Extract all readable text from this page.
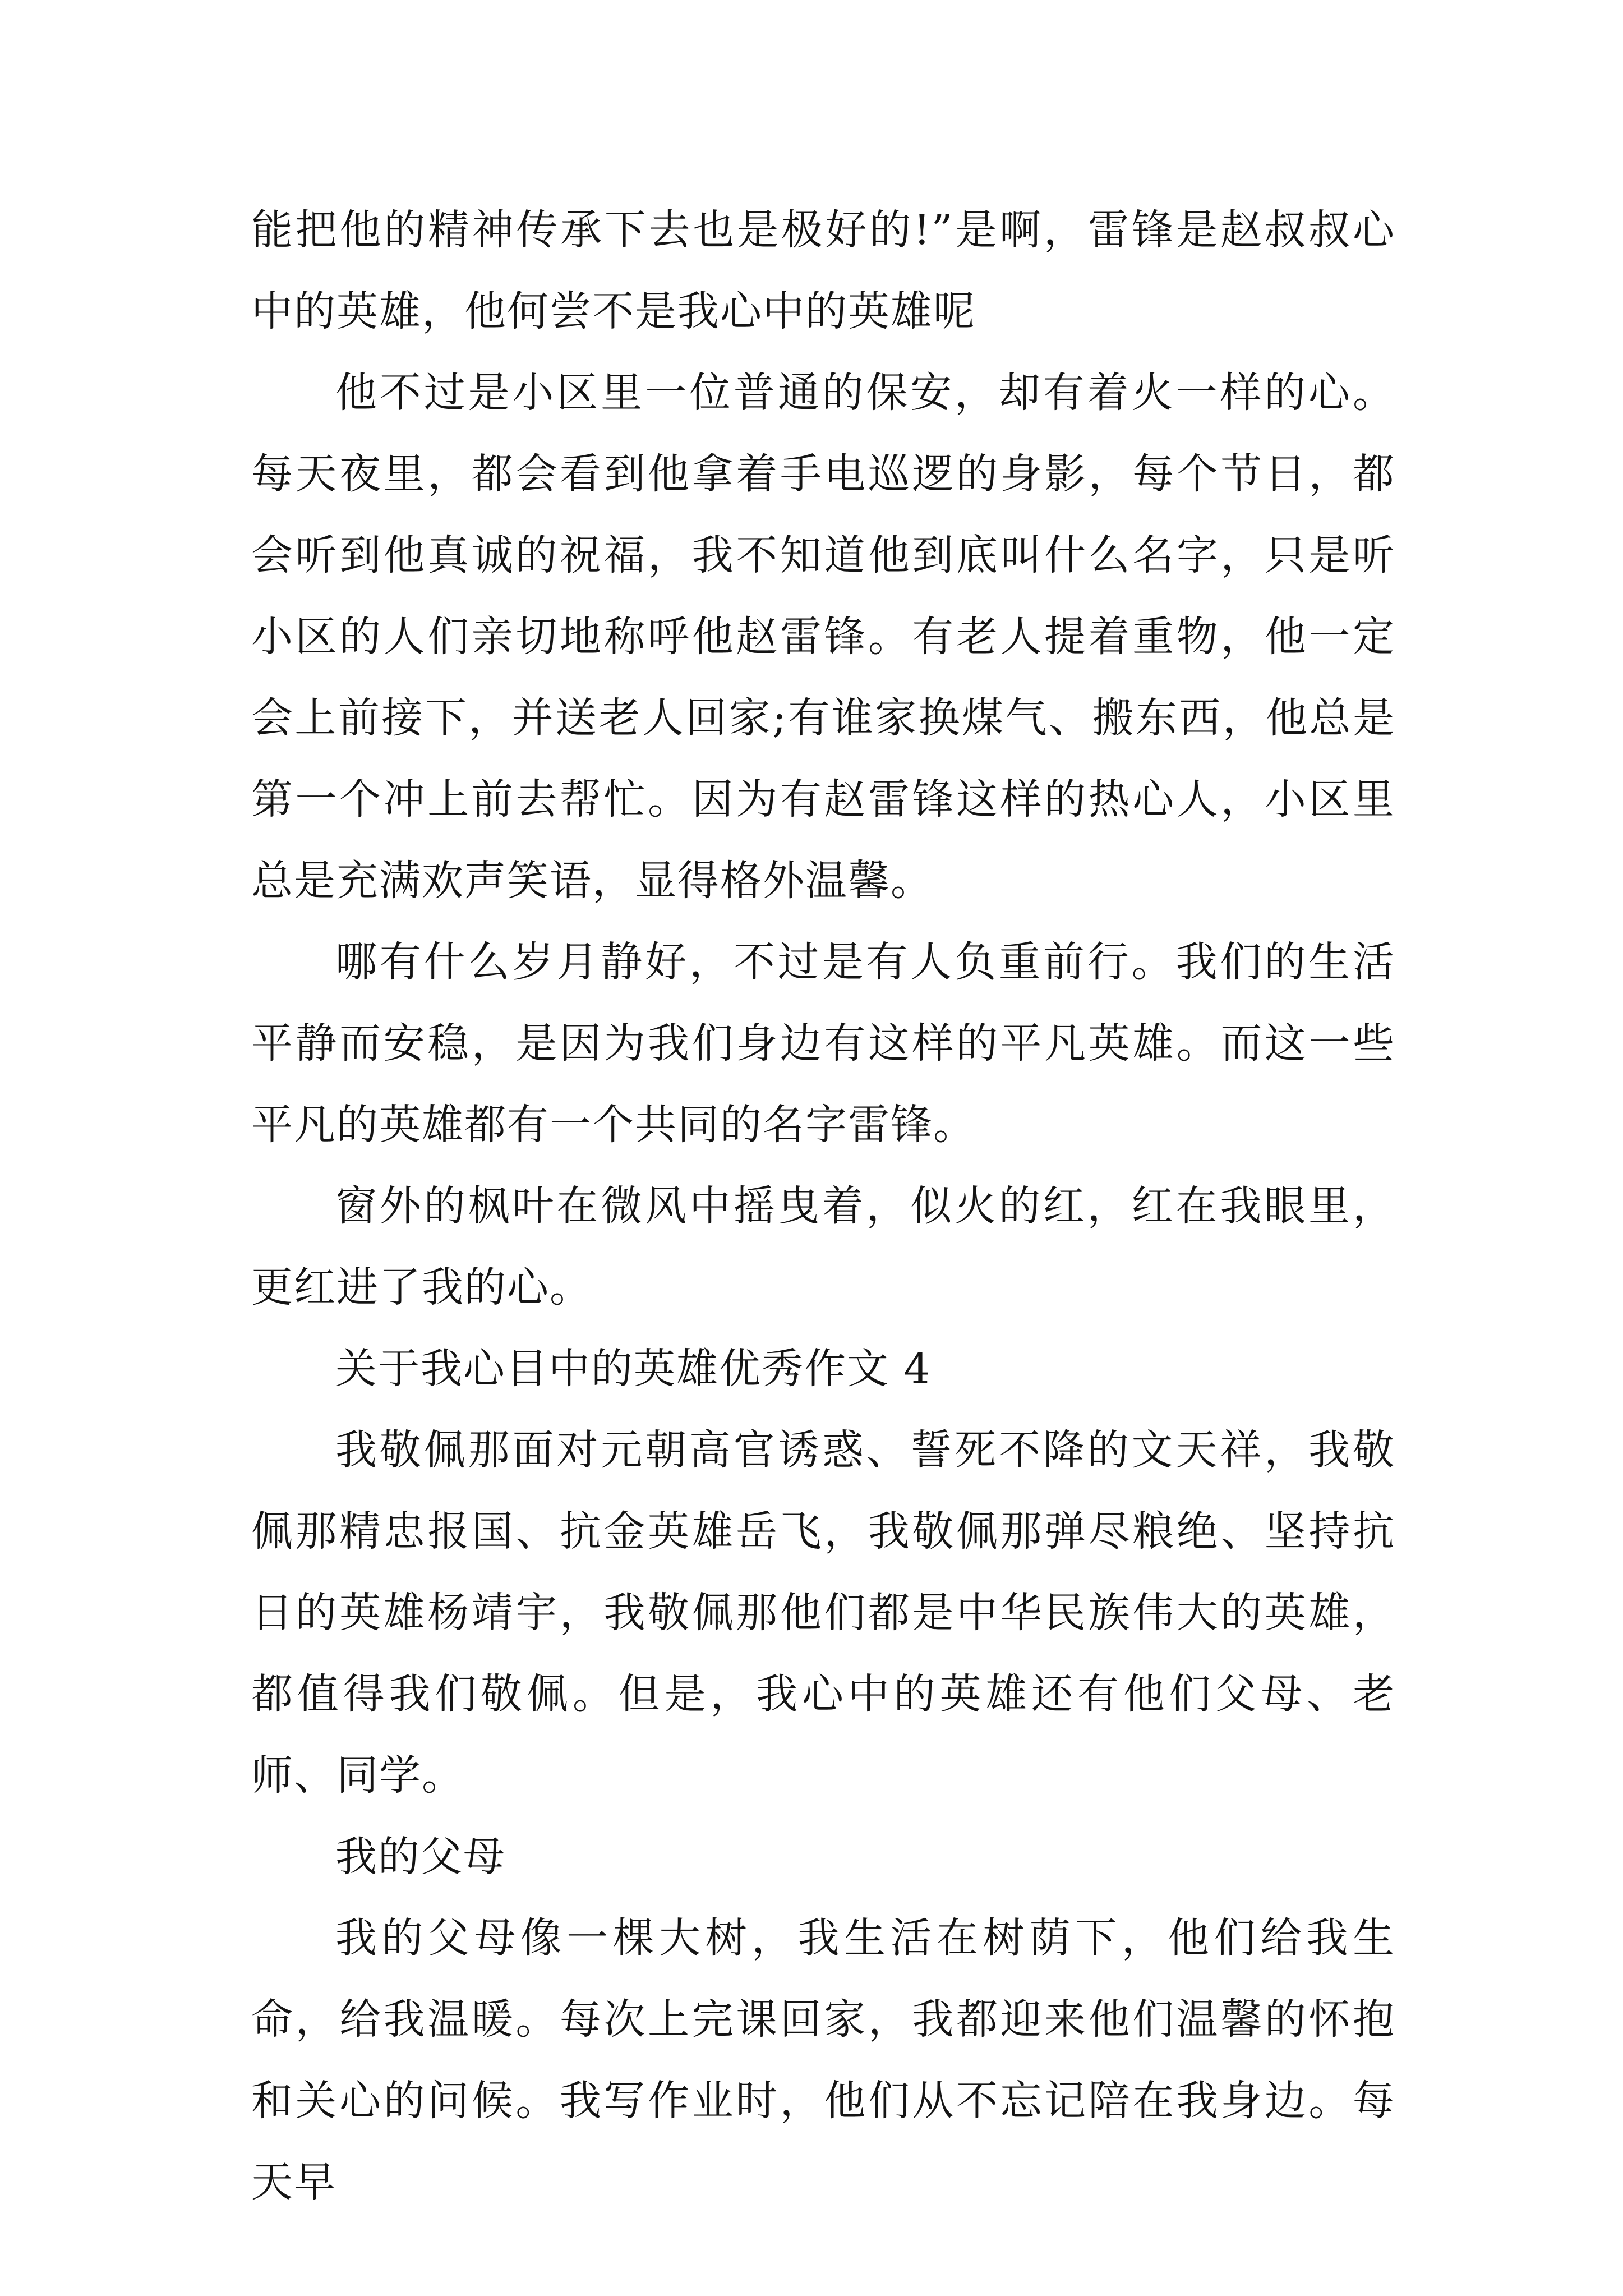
能把他的精神传承下去也是极好的!”是啊，雷锋是赵叔叔心中的英雄，他何尝不是我心中的英雄呢

他不过是小区里一位普通的保安，却有着火一样的心。每天夜里，都会看到他拿着手电巡逻的身影，每个节日，都会听到他真诚的祝福，我不知道他到底叫什么名字，只是听小区的人们亲切地称呼他赵雷锋。有老人提着重物，他一定会上前接下，并送老人回家;有谁家换煤气、搬东西，他总是第一个冲上前去帮忙。因为有赵雷锋这样的热心人，小区里总是充满欢声笑语，显得格外温馨。

哪有什么岁月静好，不过是有人负重前行。我们的生活平静而安稳，是因为我们身边有这样的平凡英雄。而这一些平凡的英雄都有一个共同的名字雷锋。

窗外的枫叶在微风中摇曳着，似火的红，红在我眼里，更红进了我的心。

关于我心目中的英雄优秀作文 4

我敬佩那面对元朝高官诱惑、誓死不降的文天祥，我敬佩那精忠报国、抗金英雄岳飞，我敬佩那弹尽粮绝、坚持抗日的英雄杨靖宇，我敬佩那他们都是中华民族伟大的英雄，都值得我们敬佩。但是，我心中的英雄还有他们父母、老师、同学。

我的父母

我的父母像一棵大树，我生活在树荫下，他们给我生命，给我温暖。每次上完课回家，我都迎来他们温馨的怀抱和关心的问候。我写作业时，他们从不忘记陪在我身边。每天早
